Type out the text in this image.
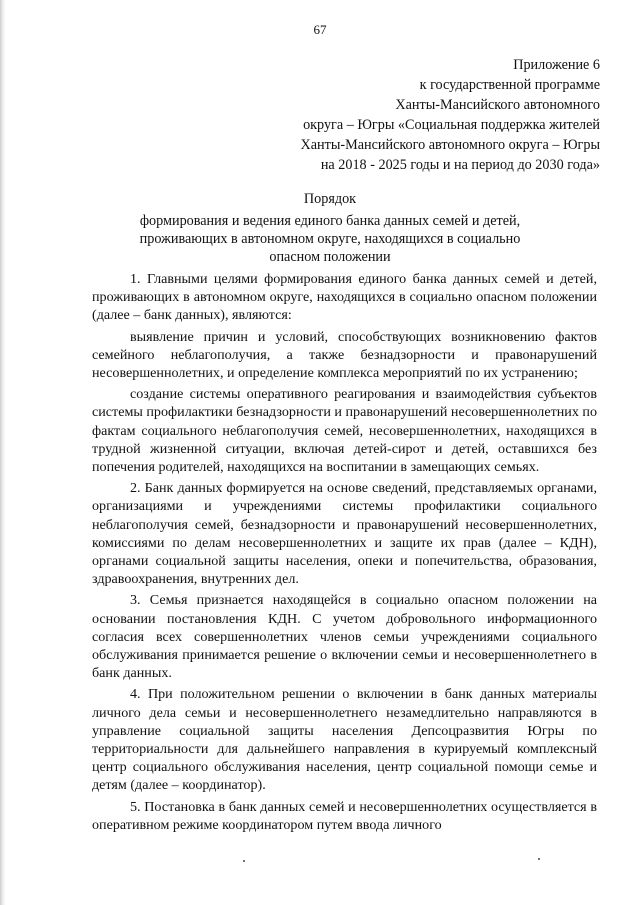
67
Приложение 6
к государственной программе
Ханты-Мансийского автономного
округа – Югры «Социальная поддержка жителей
Ханты-Мансийского автономного округа – Югры
на 2018 - 2025 годы и на период до 2030 года»
Порядок
формирования и ведения единого банка данных семей и детей,
проживающих в автономном округе, находящихся в социально
опасном положении

1. Главными целями формирования единого банка данных семей и детей, проживающих в автономном округе, находящихся в социально опасном положении (далее – банк данных), являются:

выявление причин и условий, способствующих возникновению фактов семейного неблагополучия, а также безнадзорности и правонарушений несовершеннолетних, и определение комплекса мероприятий по их устранению;

создание системы оперативного реагирования и взаимодействия субъектов системы профилактики безнадзорности и правонарушений несовершеннолетних по фактам социального неблагополучия семей, несовершеннолетних, находящихся в трудной жизненной ситуации, включая детей-сирот и детей, оставшихся без попечения родителей, находящихся на воспитании в замещающих семьях.

2. Банк данных формируется на основе сведений, представляемых органами, организациями и учреждениями системы профилактики социального неблагополучия семей, безнадзорности и правонарушений несовершеннолетних, комиссиями по делам несовершеннолетних и защите их прав (далее – КДН), органами социальной защиты населения, опеки и попечительства, образования, здравоохранения, внутренних дел.

3. Семья признается находящейся в социально опасном положении на основании постановления КДН. С учетом добровольного информационного согласия всех совершеннолетних членов семьи учреждениями социального обслуживания принимается решение о включении семьи и несовершеннолетнего в банк данных.

4. При положительном решении о включении в банк данных материалы личного дела семьи и несовершеннолетнего незамедлительно направляются в управление социальной защиты населения Депсоцразвития Югры по территориальности для дальнейшего направления в курируемый комплексный центр социального обслуживания населения, центр социальной помощи семье и детям (далее – координатор).

5. Постановка в банк данных семей и несовершеннолетних осуществляется в оперативном режиме координатором путем ввода личного
